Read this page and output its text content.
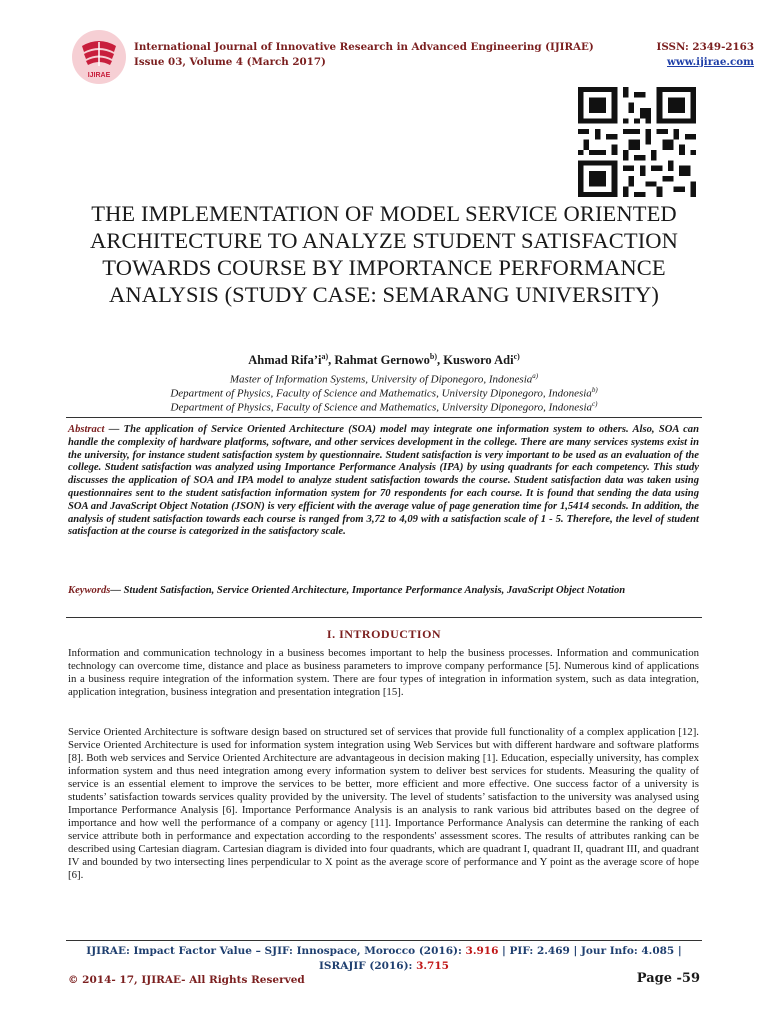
IJIRAE
International Journal of Innovative Research in Advanced Engineering (IJIRAE)	ISSN: 2349-2163
Issue 03, Volume 4 (March 2017)	www.ijirae.com
THE IMPLEMENTATION OF MODEL SERVICE ORIENTED ARCHITECTURE TO ANALYZE STUDENT SATISFACTION TOWARDS COURSE BY IMPORTANCE PERFORMANCE ANALYSIS (STUDY CASE: SEMARANG UNIVERSITY)
Ahmad $Rifa’i^{a)}$, Rahmat Gernowo$^{b)}$, Kusworo Adi$^{c)}$
Master of Information Systems, University of Diponegoro, Indonesia$^{a)}$
Department of Physics, Faculty of Science and Mathematics, University Diponegoro, Indonesia$^{b)}$
Department of Physics, Faculty of Science and Mathematics, University Diponegoro, Indonesia$^{c)}$
Abstract — The application of Service Oriented Architecture (SOA) model may integrate one information system to others. Also, SOA can handle the complexity of hardware platforms, software, and other services development in the college. There are many services systems exist in the university, for instance student satisfaction system by questionnaire. Student satisfaction is very important to be used as an evaluation of the college. Student satisfaction was analyzed using Importance Performance Analysis (IPA) by using quadrants for each competency. This study discusses the application of SOA and IPA model to analyze student satisfaction towards the course. Student satisfaction data was taken using questionnaires sent to the student satisfaction information system for 70 respondents for each course. It is found that sending the data using SOA and JavaScript Object Notation (JSON) is very efficient with the average value of page generation time for 1,5414 seconds. In addition, the analysis of student satisfaction towards each course is ranged from 3,72 to 4,09 with a satisfaction scale of 1 - 5. Therefore, the level of student satisfaction at the course is categorized in the satisfactory scale.
Keywords— Student Satisfaction, Service Oriented Architecture, Importance Performance Analysis, JavaScript Object Notation
I. INTRODUCTION
Information and communication technology in a business becomes important to help the business processes. Information and communication technology can overcome time, distance and place as business parameters to improve company performance [5]. Numerous kind of applications in a business require integration of the information system. There are four types of integration in information system, such as data integration, application integration, business integration and presentation integration [15].
Service Oriented Architecture is software design based on structured set of services that provide full functionality of a complex application [12]. Service Oriented Architecture is used for information system integration using Web Services but with different hardware and software platforms [8]. Both web services and Service Oriented Architecture are advantageous in decision making [1]. Education, especially university, has complex information system and thus need integration among every information system to deliver best services for students. Measuring the quality of service is an essential element to improve the services to be better, more efficient and more effective. One success factor of a university is students’ satisfaction towards services quality provided by the university. The level of students’ satisfaction to the university was analysed using Importance Performance Analysis [6]. Importance Performance Analysis is an analysis to rank various bid attributes based on the degree of importance and how well the performance of a company or agency [11]. Importance Performance Analysis can determine the ranking of each service attribute both in performance and expectation according to the respondents' assessment scores. The results of attributes ranking can be described using Cartesian diagram. Cartesian diagram is divided into four quadrants, which are quadrant I, quadrant II, quadrant III, and quadrant IV and bounded by two intersecting lines perpendicular to X point as the average score of performance and Y point as the average score of hope [6].
IJIRAE: Impact Factor Value – SJIF: Innospace, Morocco (2016): 3.916 | PIF: 2.469 | Jour Info: 4.085 |
ISRAJIF (2016): 3.715
© 2014- 17, IJIRAE- All Rights Reserved	Page -59
